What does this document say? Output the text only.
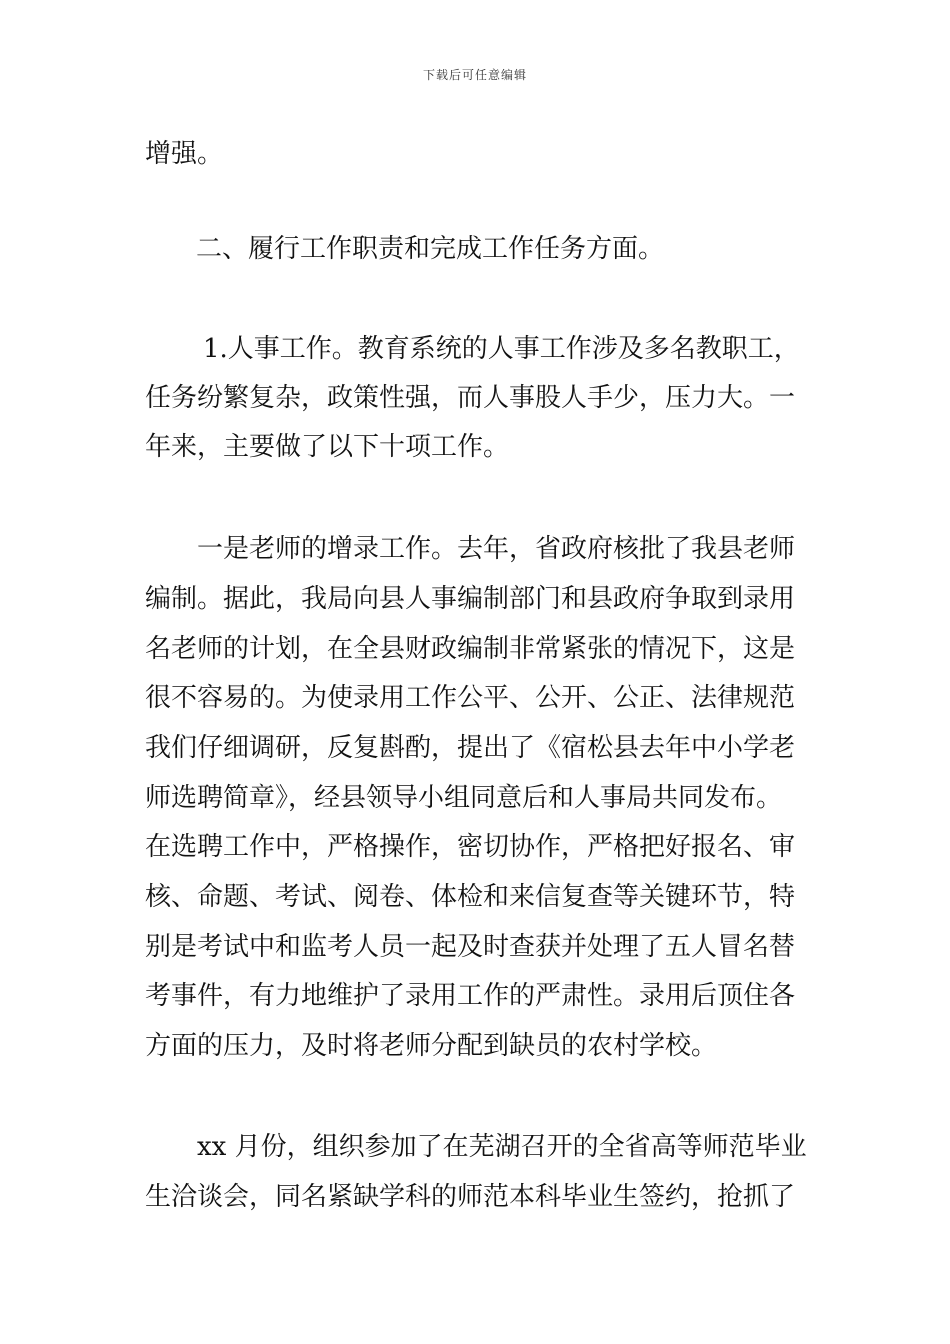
下载后可任意编辑
增强。
二、履行工作职责和完成工作任务方面。
1.人事工作。教育系统的人事工作涉及多名教职工，
任务纷繁复杂，政策性强，而人事股人手少，压力大。一
年来，主要做了以下十项工作。
一是老师的增录工作。去年，省政府核批了我县老师
编制。据此，我局向县人事编制部门和县政府争取到录用
名老师的计划，在全县财政编制非常紧张的情况下，这是
很不容易的。为使录用工作公平、公开、公正、法律规范
我们仔细调研，反复斟酌，提出了《宿松县去年中小学老
师选聘简章》，经县领导小组同意后和人事局共同发布。
在选聘工作中，严格操作，密切协作，严格把好报名、审
核、命题、考试、阅卷、体检和来信复查等关键环节，特
别是考试中和监考人员一起及时查获并处理了五人冒名替
考事件，有力地维护了录用工作的严肃性。录用后顶住各
方面的压力，及时将老师分配到缺员的农村学校。
xx 月份，组织参加了在芜湖召开的全省高等师范毕业
生洽谈会，同名紧缺学科的师范本科毕业生签约，抢抓了
